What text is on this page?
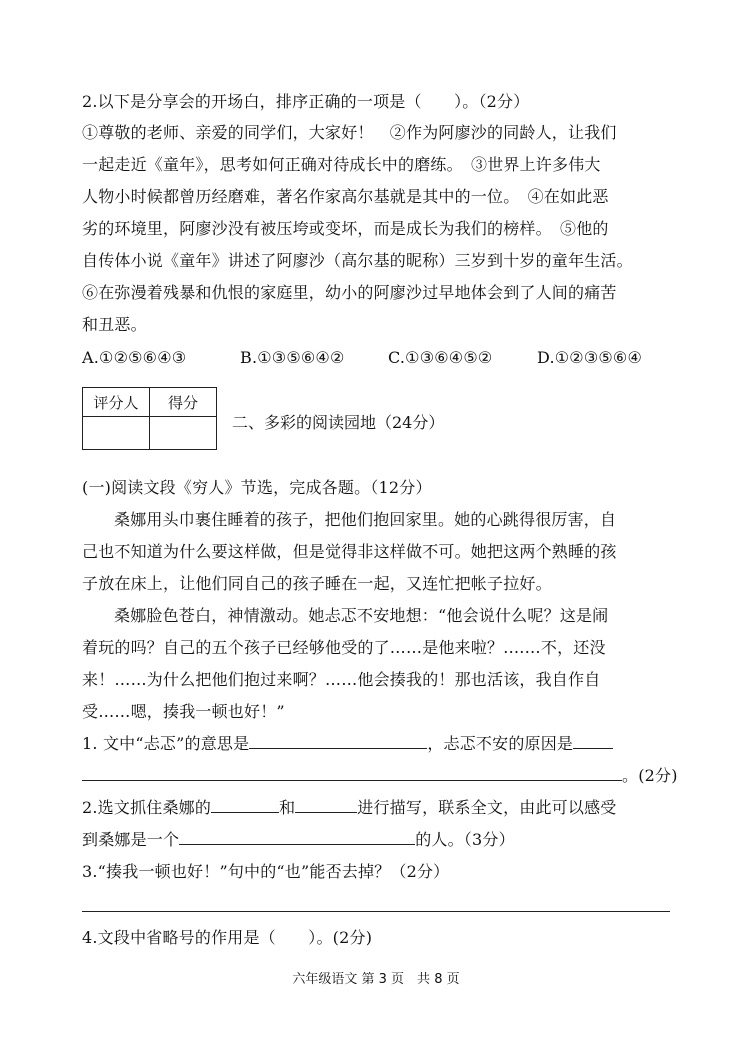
2.以下是分享会的开场白，排序正确的一项是（　　）。（2分）
①尊敬的老师、亲爱的同学们，大家好！　②作为阿廖沙的同龄人，让我们
一起走近《童年》，思考如何正确对待成长中的磨练。　③世界上许多伟大
人物小时候都曾历经磨难，著名作家高尔基就是其中的一位。　④在如此恶
劣的环境里，阿廖沙没有被压垮或变坏，而是成长为我们的榜样。　⑤他的
自传体小说《童年》讲述了阿廖沙（高尔基的昵称）三岁到十岁的童年生活。
⑥在弥漫着残暴和仇恨的家庭里，幼小的阿廖沙过早地体会到了人间的痛苦
和丑恶。
A.①②⑤⑥④③	B.①③⑤⑥④②	C.①③⑥④⑤②	D.①②③⑤⑥④
评分人	得分

二、多彩的阅读园地（24分）
(一)阅读文段《穷人》节选，完成各题。（12分）
桑娜用头巾裹住睡着的孩子，把他们抱回家里。她的心跳得很厉害，自
己也不知道为什么要这样做，但是觉得非这样做不可。她把这两个熟睡的孩
子放在床上，让他们同自己的孩子睡在一起，又连忙把帐子拉好。
桑娜脸色苍白，神情激动。她忐忑不安地想：“他会说什么呢？这是闹
着玩的吗？自己的五个孩子已经够他受的了……是他来啦？.……不，还没
来！……为什么把他们抱过来啊？……他会揍我的！那也活该，我自作自
受……嗯，揍我一顿也好！”
1. 文中“忐忑”的意思是	，忐忑不安的原因是
。(2分)
2.选文抓住桑娜的	和	进行描写，联系全文，由此可以感受
到桑娜是一个	的人。（3分）
3.“揍我一顿也好！”句中的“也”能否去掉？（2分）
4.文段中省略号的作用是（　　）。(2分)
六年级语文 第 3 页　共 8 页
